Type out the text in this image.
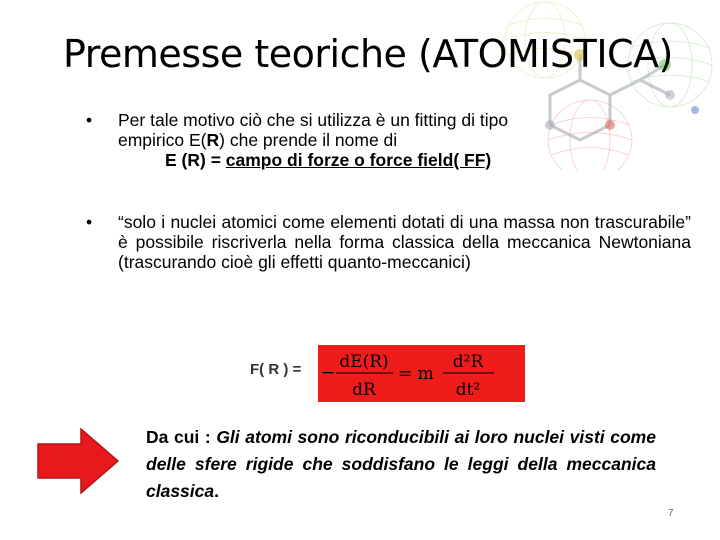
Premesse teoriche (ATOMISTICA)
• Per tale motivo ciò che si utilizza è un fitting di tipo
empirico E(R) che prende il nome di
E (R) = campo di forze o force field( FF)
• “solo i nuclei atomici come elementi dotati di una massa non trascurabile” è possibile riscriverla nella forma classica della meccanica Newtoniana (trascurando cioè gli effetti quanto-meccanici)
F( R ) = −
dE(R)
dR
= m
d²R
dt²
Da cui : Gli atomi sono riconducibili ai loro nuclei visti come delle sfere rigide che soddisfano le leggi della meccanica classica.
7
